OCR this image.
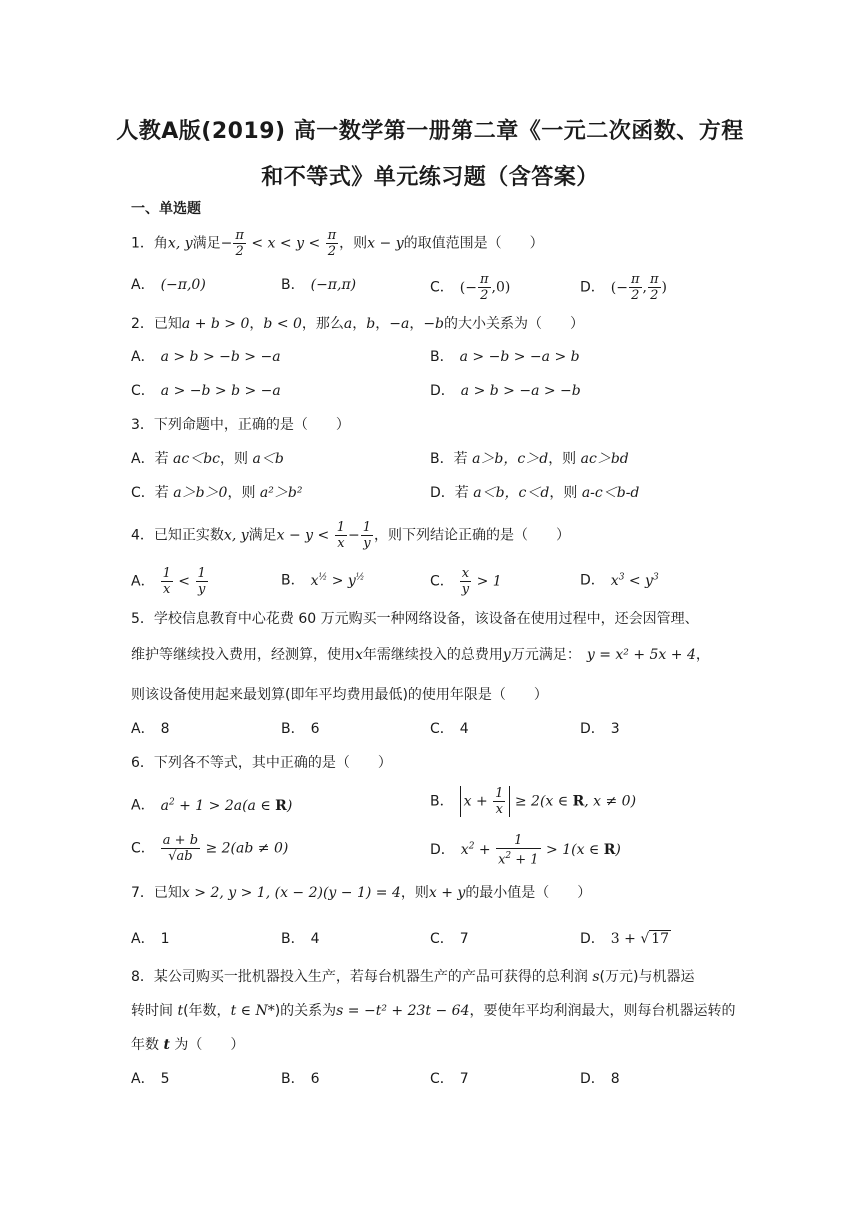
人教A版(2019) 高一数学第一册第二章《一元二次函数、方程
和不等式》单元练习题（含答案）
一、单选题
1．角x, y满足− $\frac{\pi}{2} < x < y < \frac{\pi}{2}$ ，则x − y的取值范围是（　　）
A． (−π,0)	B． (−π,π)	C． (− $\frac{\pi}{2} ,0$)	D． (− $\frac{\pi}{2}$ , $\frac{\pi}{2}$ )
2．已知a + b > 0，b < 0，那么a，b，−a，−b的大小关系为（　　）
A． a > b > −b > −a	B． a > −b > −a > b
C． a > −b > b > −a	D． a > b > −a > −b
3．下列命题中，正确的是（　　）
A．若 ac＜bc，则 a＜b	B．若 a＞b，c＞d，则 ac＞bd
C．若 a＞b＞0，则 a²＞b²	D．若 a＜b，c＜d，则 a-c＜b-d
4．已知正实数x, y满足$x - y < \frac{1}{x} - \frac{1}{y}$ ，则下列结论正确的是（　　）
A． $\frac{1}{x} < \frac{1}{y}$	B． $x^{\frac{1}{2}} > y^{\frac{1}{2}}$	C． $\frac{x}{y} > 1$	D． $x^3 < y^3$
5．学校信息教育中心花费 60 万元购买一种网络设备，该设备在使用过程中，还会因管理、
维护等继续投入费用，经测算，使用x年需继续投入的总费用y万元满足： y = x² + 5x + 4，
则该设备使用起来最划算(即年平均费用最低)的使用年限是（　　）
A． 8	B． 6	C． 4	D． 3
6．下列各不等式，其中正确的是（　　）
A． $a^2 + 1 > 2a(a$ ∈ R)	B． $x + \frac{1}{x} \ge 2(x$ ∈ R, x ≠ 0)
C． $\frac{a + b}{√ab} \ge 2(ab \ne 0)$	D． $x^2 + \frac{1}{x^2 + 1} > 1(x$ ∈ R)
7．已知x > 2, y > 1, (x − 2)(y − 1) = 4，则x + y的最小值是（　　）
A． 1	B． 4	C． 7	D． 3 + √ 17
8．某公司购买一批机器投入生产，若每台机器生产的产品可获得的总利润 s(万元)与机器运
转时间 t(年数，t ∈ N*)的关系为s = −t² + 23t − 64，要使年平均利润最大，则每台机器运转的
年数 t 为（　　）
A． 5	B． 6	C． 7	D． 8
